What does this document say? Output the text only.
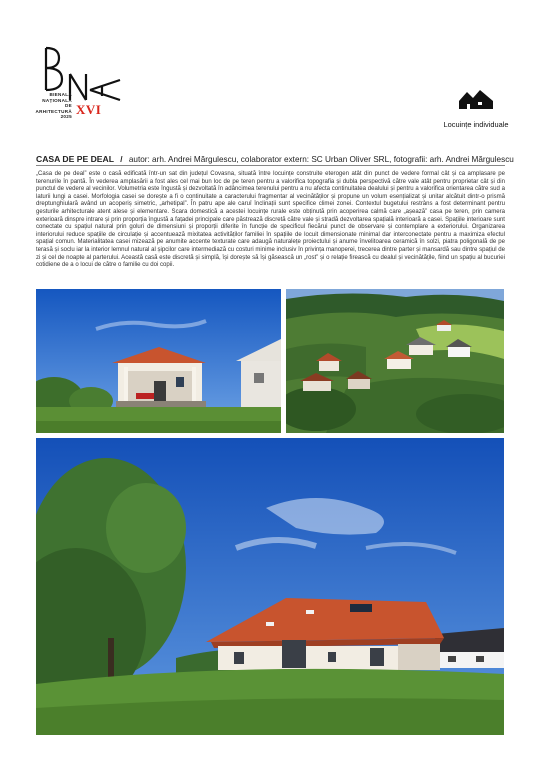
BIENALA
NAȚIONALĂ
DE
ARHITECTURĂ
2025 XVI
Locuințe individuale
CASA DE PE DEAL / autor: arh. Andrei Mărgulescu, colaborator extern: SC Urban Oliver SRL, fotografii: arh. Andrei Mărgulescu
„Casa de pe deal” este o casă edificată într-un sat din județul Covasna, situată între locuințe construite eterogen atât din punct de vedere formal cât și ca amplasare pe terenurile în pantă. În vederea amplasării a fost ales cel mai bun loc de pe teren pentru a valorifica topografia și dubla perspectivă către vale atât pentru proprietar cât și din punctul de vedere al vecinilor. Volumetria este îngustă și dezvoltată în adâncimea terenului pentru a nu afecta continuitatea dealului și pentru a valorifica orientarea către sud a laturii lungi a casei. Morfologia casei se dorește a fi o continuitate a caracterului fragmentar al vecinătăților și propune un volum esențializat și unitar alcătuit dintr-o prismă dreptunghiulară având un acoperiș simetric, „arhetipal”. În patru ape ale caruî înclinații sunt specifice climei zonei. Contextul bugetului restrâns a fost determinant pentru gesturile arhitecturale atent alese și elementare. Scara domestică a acestei locuințe rurale este obținută prin acoperirea calmă care „așează” casa pe teren, prin camera exterioară dinspre intrare și prin proporția îngustă a fațadei principale care păstrează discretă către vale și stradă dezvoltarea spațială interioară a casei. Spațiile interioare sunt conectate cu spațiul natural prin goluri de dimensiuni și proporții diferite în funcție de specificul fiecărui punct de observare și contemplare a exteriorului. Organizarea interiorului reduce spațiile de circulație și accentuează mixitatea activităților familiei în spațiile de locuit dimensionate minimal dar interconectate pentru a maximiza efectul spațial comun. Materialitatea casei mizează pe anumite accente texturate care adaugă naturalețe proiectului și anume învelitoarea ceramică în solzi, piatra poligonală de pe terasă și soclu iar la interior lemnul natural al șipcilor care intermediază cu costuri minime inclusiv în privința manoperei, trecerea dintre parter și mansardă sau dintre spațiul de zi și cel de noapte al parterului. Această casă este discretă și simplă, își dorește să își găsească un „rost” și o relație firească cu dealul și vecinătățile, fiind un spațiu al bucuriei cotidiene de a o locui de către o familie cu doi copii.
